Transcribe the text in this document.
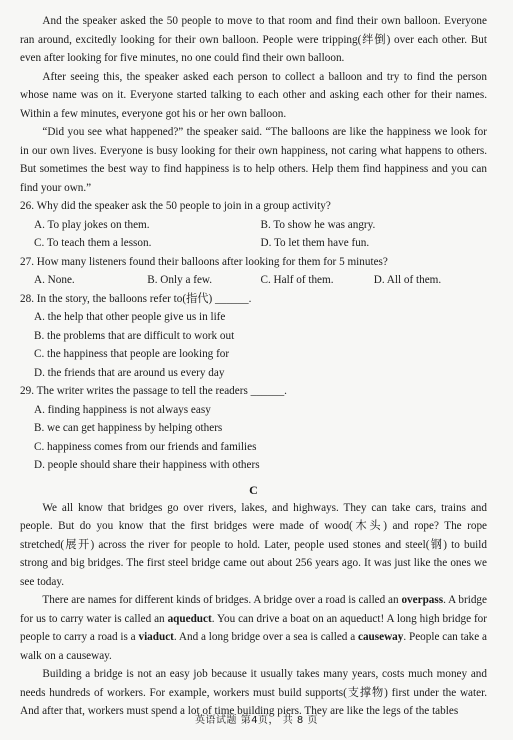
And the speaker asked the 50 people to move to that room and find their own balloon. Everyone ran around, excitedly looking for their own balloon. People were tripping(绊倒) over each other. But even after looking for five minutes, no one could find their own balloon.

After seeing this, the speaker asked each person to collect a balloon and try to find the person whose name was on it. Everyone started talking to each other and asking each other for their names. Within a few minutes, everyone got his or her own balloon.

“Did you see what happened?” the speaker said. “The balloons are like the happiness we look for in our own lives. Everyone is busy looking for their own happiness, not caring what happens to others. But sometimes the best way to find happiness is to help others. Help them find happiness and you can find your own.”

26. Why did the speaker ask the 50 people to join in a group activity?
A. To play jokes on them.	B. To show he was angry.
C. To teach them a lesson.	D. To let them have fun.
27. How many listeners found their balloons after looking for them for 5 minutes?
A. None.	B. Only a few.	C. Half of them.	D. All of them.
28. In the story, the balloons refer to(指代) ______.
A. the help that other people give us in life
B. the problems that are difficult to work out
C. the happiness that people are looking for
D. the friends that are around us every day
29. The writer writes the passage to tell the readers ______.
A. finding happiness is not always easy
B. we can get happiness by helping others
C. happiness comes from our friends and families
D. people should share their happiness with others
C

We all know that bridges go over rivers, lakes, and highways. They can take cars, trains and people. But do you know that the first bridges were made of wood(木头) and rope? The rope stretched(展开) across the river for people to hold. Later, people used stones and steel(钢) to build strong and big bridges. The first steel bridge came out about 256 years ago. It was just like the ones we see today.

There are names for different kinds of bridges. A bridge over a road is called an overpass. A bridge for us to carry water is called an aqueduct. You can drive a boat on an aqueduct! A long high bridge for people to carry a road is a viaduct. And a long bridge over a sea is called a causeway. People can take a walk on a causeway.

Building a bridge is not an easy job because it usually takes many years, costs much money and needs hundreds of workers. For example, workers must build supports(支撑物) first under the water. And after that, workers must spend a lot of time building piers. They are like the legs of the tables

英语试题 第4页， 共 8 页
